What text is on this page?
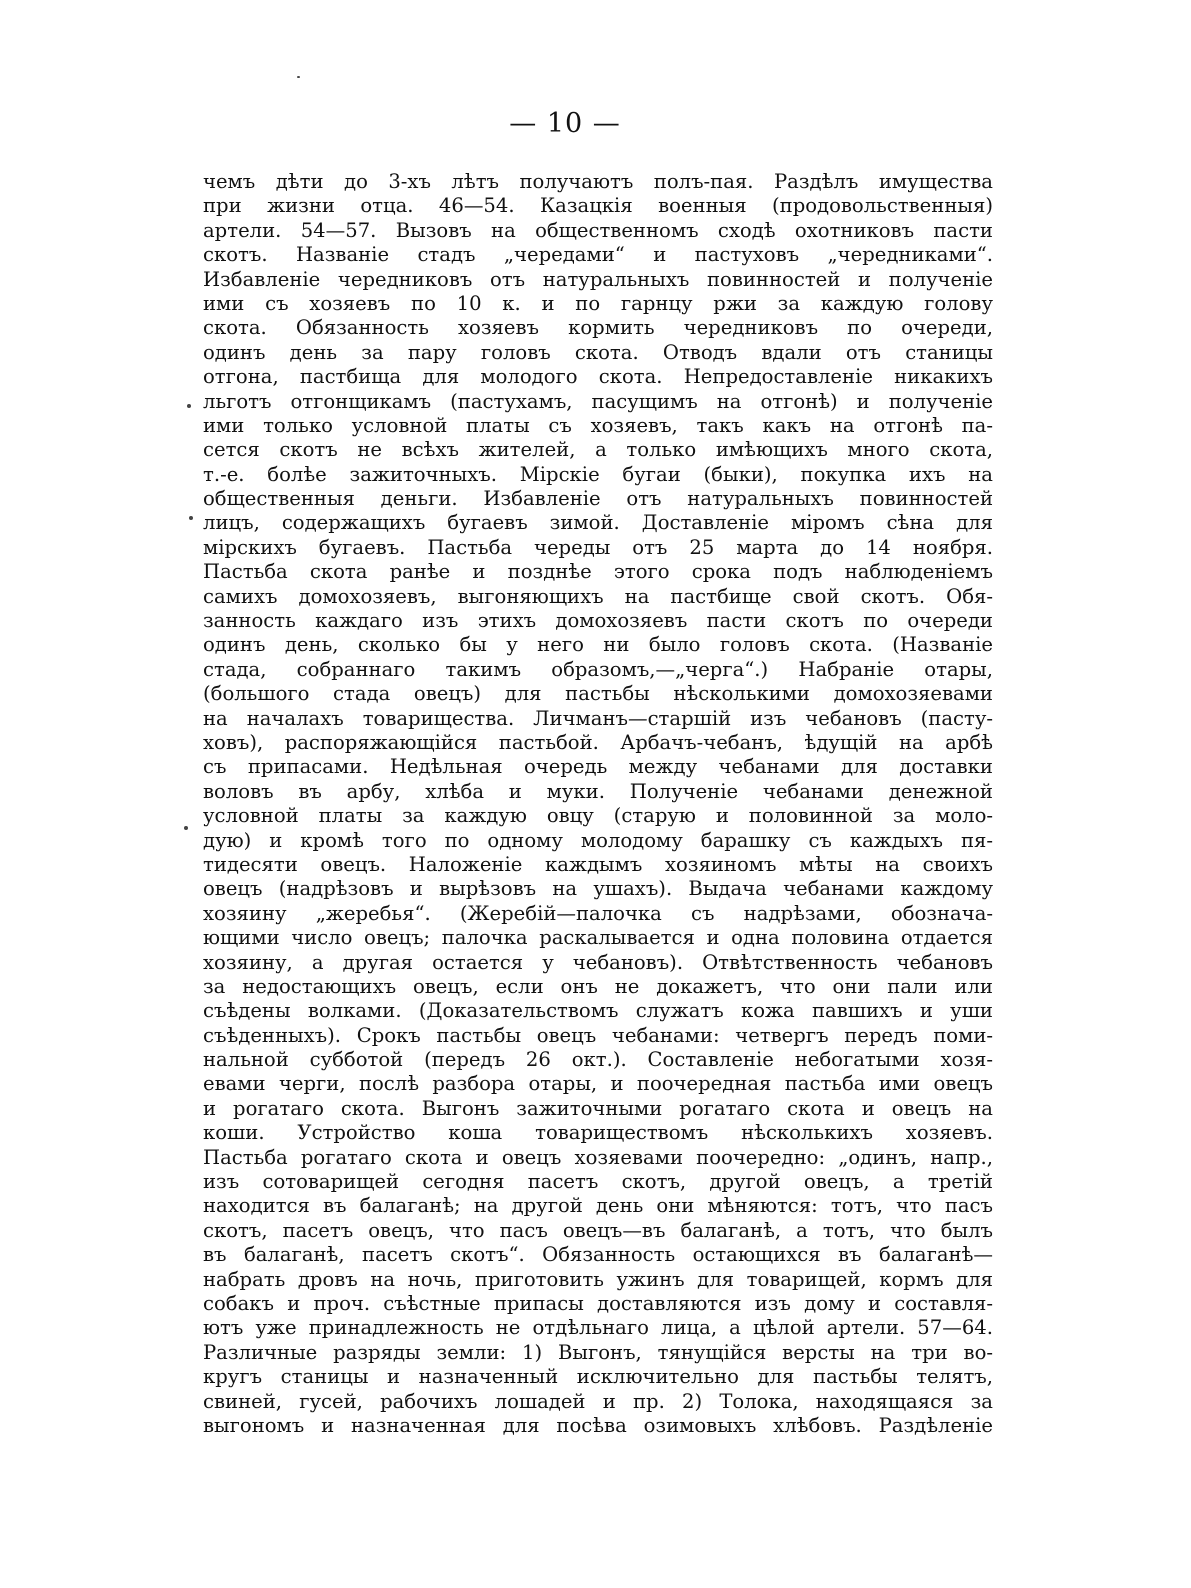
— 10 —
чемъ дѣти до 3-хъ лѣтъ получаютъ полъ-пая. Раздѣлъ имущества
при жизни отца. 46—54. Казацкія военныя (продовольственныя)
артели. 54—57. Вызовъ на общественномъ сходѣ охотниковъ пасти
скотъ. Названіе стадъ „чередами“ и пастуховъ „чередниками“.
Избавленіе чередниковъ отъ натуральныхъ повинностей и полученіе
ими съ хозяевъ по 10 к. и по гарнцу ржи за каждую голову
скота. Обязанность хозяевъ кормить чередниковъ по очереди,
одинъ день за пару головъ скота. Отводъ вдали отъ станицы
отгона, пастбища для молодого скота. Непредоставленіе никакихъ
льготъ отгонщикамъ (пастухамъ, пасущимъ на отгонѣ) и полученіе
ими только условной платы съ хозяевъ, такъ какъ на отгонѣ па-
сется скотъ не всѣхъ жителей, а только имѣющихъ много скота,
т.-е. болѣе зажиточныхъ. Мірскіе бугаи (быки), покупка ихъ на
общественныя деньги. Избавленіе отъ натуральныхъ повинностей
лицъ, содержащихъ бугаевъ зимой. Доставленіе міромъ сѣна для
мірскихъ бугаевъ. Пастьба череды отъ 25 марта до 14 ноября.
Пастьба скота ранѣе и позднѣе этого срока подъ наблюденіемъ
самихъ домохозяевъ, выгоняющихъ на пастбище свой скотъ. Обя-
занность каждаго изъ этихъ домохозяевъ пасти скотъ по очереди
одинъ день, сколько бы у него ни было головъ скота. (Названіе
стада, собраннаго такимъ образомъ,—„черга“.) Набраніе отары,
(большого стада овецъ) для пастьбы нѣсколькими домохозяевами
на началахъ товарищества. Личманъ—старшій изъ чебановъ (пасту-
ховъ), распоряжающійся пастьбой. Арбачъ-чебанъ, ѣдущій на арбѣ
съ припасами. Недѣльная очередь между чебанами для доставки
воловъ въ арбу, хлѣба и муки. Полученіе чебанами денежной
условной платы за каждую овцу (старую и половинной за моло-
дую) и кромѣ того по одному молодому барашку съ каждыхъ пя-
тидесяти овецъ. Наложеніе каждымъ хозяиномъ мѣты на своихъ
овецъ (надрѣзовъ и вырѣзовъ на ушахъ). Выдача чебанами каждому
хозяину „жеребья“. (Жеребій—палочка съ надрѣзами, обознача-
ющими число овецъ; палочка раскалывается и одна половина отдается
хозяину, а другая остается у чебановъ). Отвѣтственность чебановъ
за недостающихъ овецъ, если онъ не докажетъ, что они пали или
съѣдены волками. (Доказательствомъ служатъ кожа павшихъ и уши
съѣденныхъ). Срокъ пастьбы овецъ чебанами: четвергъ передъ поми-
нальной субботой (передъ 26 окт.). Составленіе небогатыми хозя-
евами черги, послѣ разбора отары, и поочередная пастьба ими овецъ
и рогатаго скота. Выгонъ зажиточными рогатаго скота и овецъ на
коши. Устройство коша товариществомъ нѣсколькихъ хозяевъ.
Пастьба рогатаго скота и овецъ хозяевами поочередно: „одинъ, напр.,
изъ сотоварищей сегодня пасетъ скотъ, другой овецъ, а третій
находится въ балаганѣ; на другой день они мѣняются: тотъ, что пасъ
скотъ, пасетъ овецъ, что пасъ овецъ—въ балаганѣ, а тотъ, что былъ
въ балаганѣ, пасетъ скотъ“. Обязанность остающихся въ балаганѣ—
набрать дровъ на ночь, приготовить ужинъ для товарищей, кормъ для
собакъ и проч. съѣстные припасы доставляются изъ дому и составля-
ютъ уже принадлежность не отдѣльнаго лица, а цѣлой артели. 57—64.
Различные разряды земли: 1) Выгонъ, тянущійся версты на три во-
кругъ станицы и назначенный исключительно для пастьбы телятъ,
свиней, гусей, рабочихъ лошадей и пр. 2) Толока, находящаяся за
выгономъ и назначенная для посѣва озимовыхъ хлѣбовъ. Раздѣленіе
